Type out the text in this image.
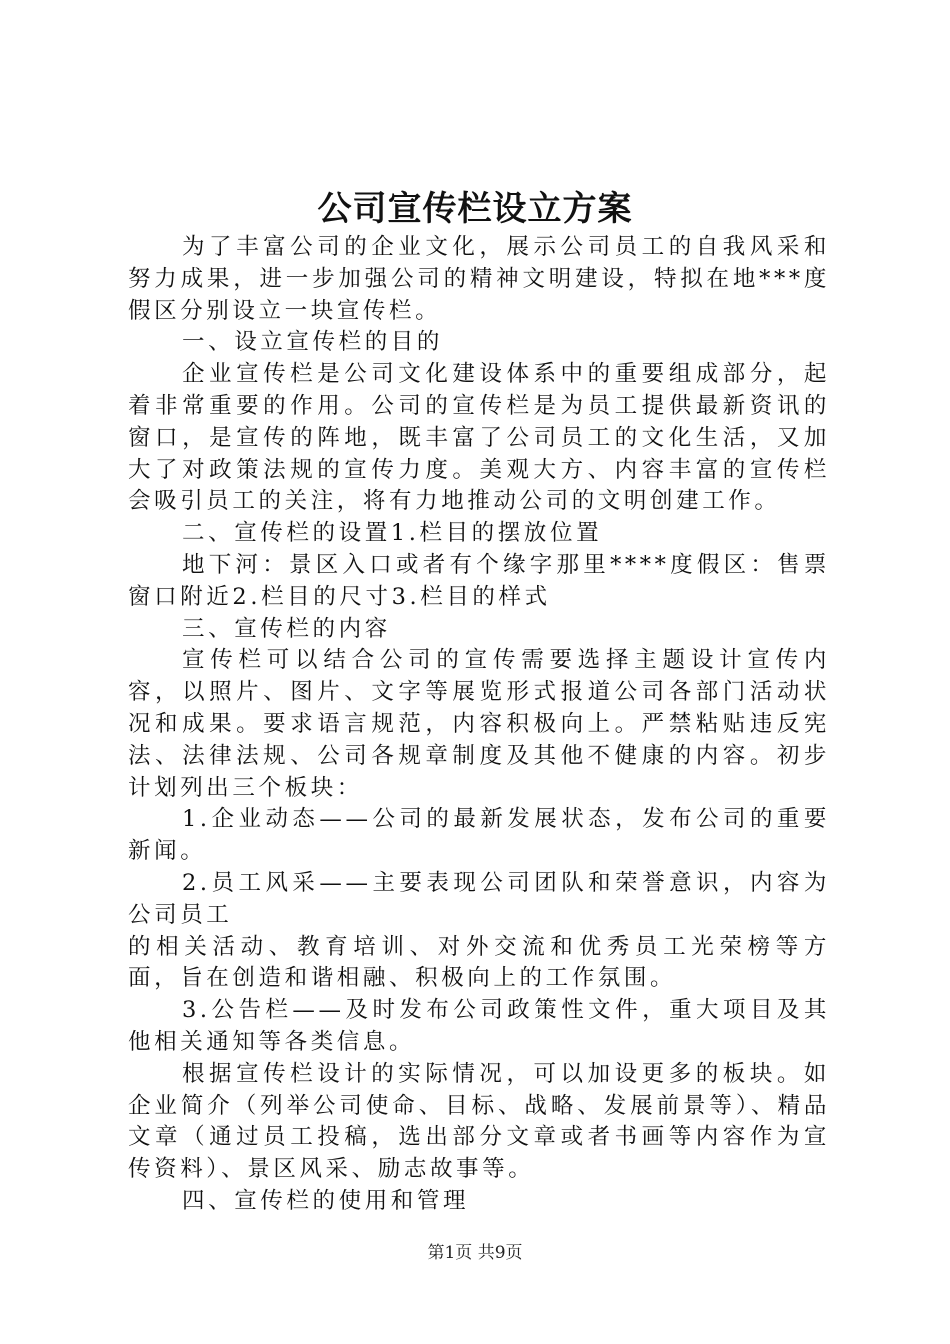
公司宣传栏设立方案

为了丰富公司的企业文化，展示公司员工的自我风采和努力成果，进一步加强公司的精神文明建设，特拟在地***度假区分别设立一块宣传栏。

一、设立宣传栏的目的

企业宣传栏是公司文化建设体系中的重要组成部分，起着非常重要的作用。公司的宣传栏是为员工提供最新资讯的窗口，是宣传的阵地，既丰富了公司员工的文化生活，又加大了对政策法规的宣传力度。美观大方、内容丰富的宣传栏会吸引员工的关注，将有力地推动公司的文明创建工作。

二、宣传栏的设置1.栏目的摆放位置

地下河：景区入口或者有个缘字那里****度假区：售票窗口附近2.栏目的尺寸3.栏目的样式

三、宣传栏的内容

宣传栏可以结合公司的宣传需要选择主题设计宣传内容，以照片、图片、文字等展览形式报道公司各部门活动状况和成果。要求语言规范，内容积极向上。严禁粘贴违反宪法、法律法规、公司各规章制度及其他不健康的内容。初步计划列出三个板块：

1.企业动态——公司的最新发展状态，发布公司的重要新闻。

2.员工风采——主要表现公司团队和荣誉意识，内容为公司员工

的相关活动、教育培训、对外交流和优秀员工光荣榜等方面，旨在创造和谐相融、积极向上的工作氛围。

3.公告栏——及时发布公司政策性文件，重大项目及其他相关通知等各类信息。

根据宣传栏设计的实际情况，可以加设更多的板块。如企业简介（列举公司使命、目标、战略、发展前景等）、精品文章（通过员工投稿，选出部分文章或者书画等内容作为宣传资料）、景区风采、励志故事等。

四、宣传栏的使用和管理

第1页 共9页
